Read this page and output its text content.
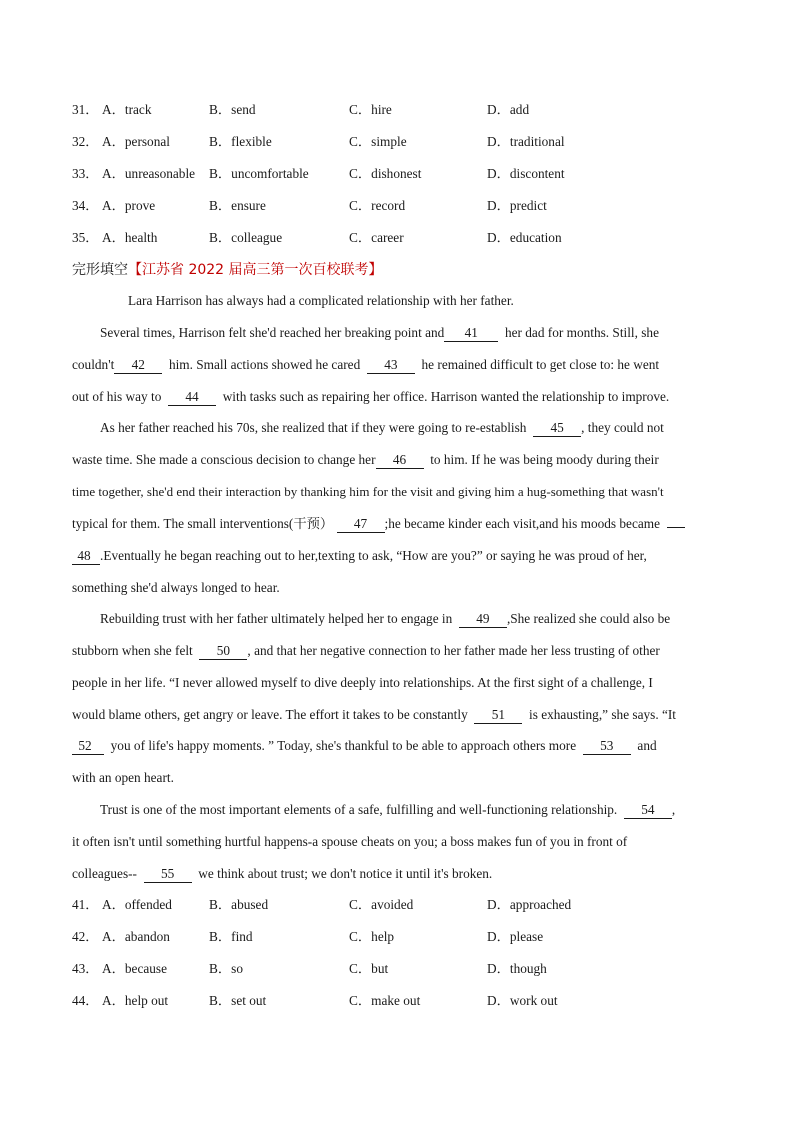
31． A．track	B．send	C．hire	D．add
32． A．personal	B．flexible	C．simple	D．traditional
33． A．unreasonable B．uncomfortable	C．dishonest	D．discontent
34． A．prove	B．ensure	C．record	D．predict
35． A．health	B．colleague	C．career	D．education
完形填空【江苏省 2022 届高三第一次百校联考】
Lara Harrison has always had a complicated relationship with her father.
Several times, Harrison felt she'd reached her breaking point and 41 her dad for months. Still, she
couldn't 42 him. Small actions showed he cared 43 he remained difficult to get close to: he went
out of his way to 44 with tasks such as repairing her office. Harrison wanted the relationship to improve.
As her father reached his 70s, she realized that if they were going to re-establish 45 , they could not
waste time. She made a conscious decision to change her 46 to him. If he was being moody during their
time together, she'd end their interaction by thanking him for the visit and giving him a hug-something that wasn't
typical for them. The small interventions(干预） 47 ;he became kinder each visit,and his moods became
48 .Eventually he began reaching out to her,texting to ask, “How are you?” or saying he was proud of her,
something she'd always longed to hear.
Rebuilding trust with her father ultimately helped her to engage in 49 ,She realized she could also be
stubborn when she felt 50 , and that her negative connection to her father made her less trusting of other
people in her life. “I never allowed myself to dive deeply into relationships. At the first sight of a challenge, I
would blame others, get angry or leave. The effort it takes to be constantly 51 is exhausting,” she says. “It
52 you of life's happy moments. ” Today, she's thankful to be able to approach others more 53 and
with an open heart.
Trust is one of the most important elements of a safe, fulfilling and well-functioning relationship. 54 ,
it often isn't until something hurtful happens-a spouse cheats on you; a boss makes fun of you in front of
colleagues-- 55 we think about trust; we don't notice it until it's broken.
41． A．offended	B．abused	C．avoided	D．approached
42． A．abandon	B．find	C．help	D．please
43． A．because	B．so	C．but	D．though
44． A．help out	B．set out	C．make out	D．work out
